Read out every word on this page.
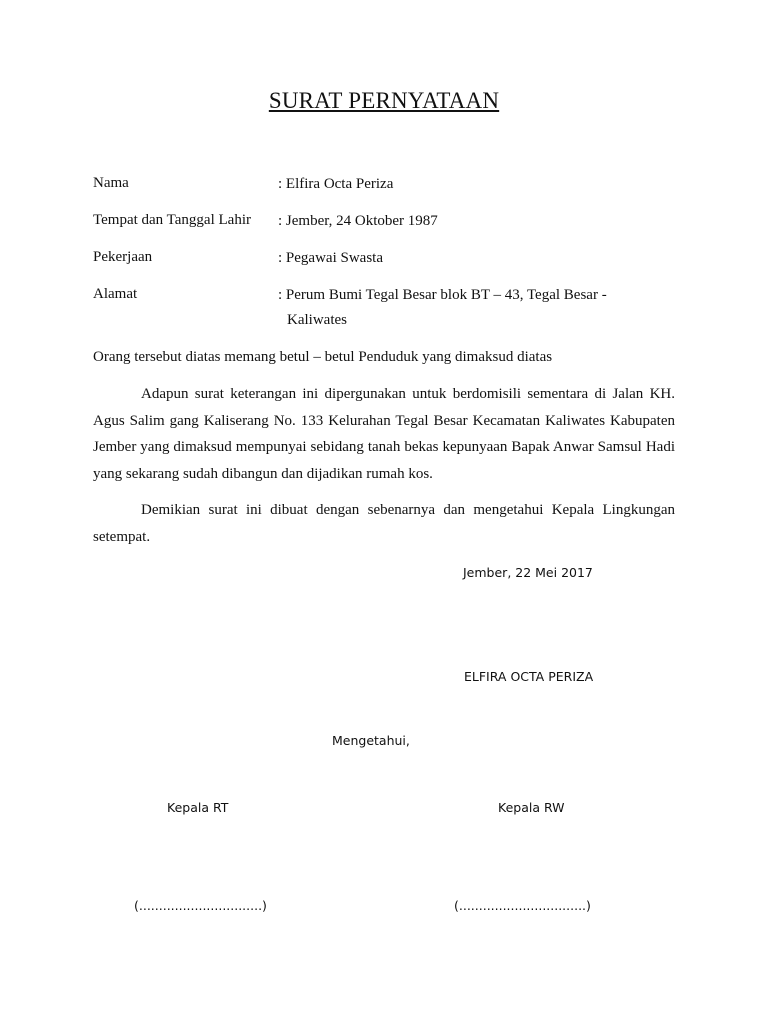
SURAT PERNYATAAN
Nama	: Elfira Octa Periza
Tempat dan Tanggal Lahir : Jember, 24 Oktober 1987
Pekerjaan	: Pegawai Swasta
Alamat	: Perum Bumi Tegal Besar blok BT – 43, Tegal Besar -
Kaliwates
Orang tersebut diatas memang betul – betul Penduduk yang dimaksud diatas

Adapun surat keterangan ini dipergunakan untuk berdomisili sementara di Jalan KH. Agus Salim gang Kaliserang No. 133 Kelurahan Tegal Besar Kecamatan Kaliwates Kabupaten Jember yang dimaksud mempunyai sebidang tanah bekas kepunyaan Bapak Anwar Samsul Hadi yang sekarang sudah dibangun dan dijadikan rumah kos.

Demikian surat ini dibuat dengan sebenarnya dan mengetahui Kepala Lingkungan setempat.

Jember, 22 Mei 2017
ELFIRA OCTA PERIZA
Mengetahui,
Kepala RT	Kepala RW
(...............................)	(................................)
